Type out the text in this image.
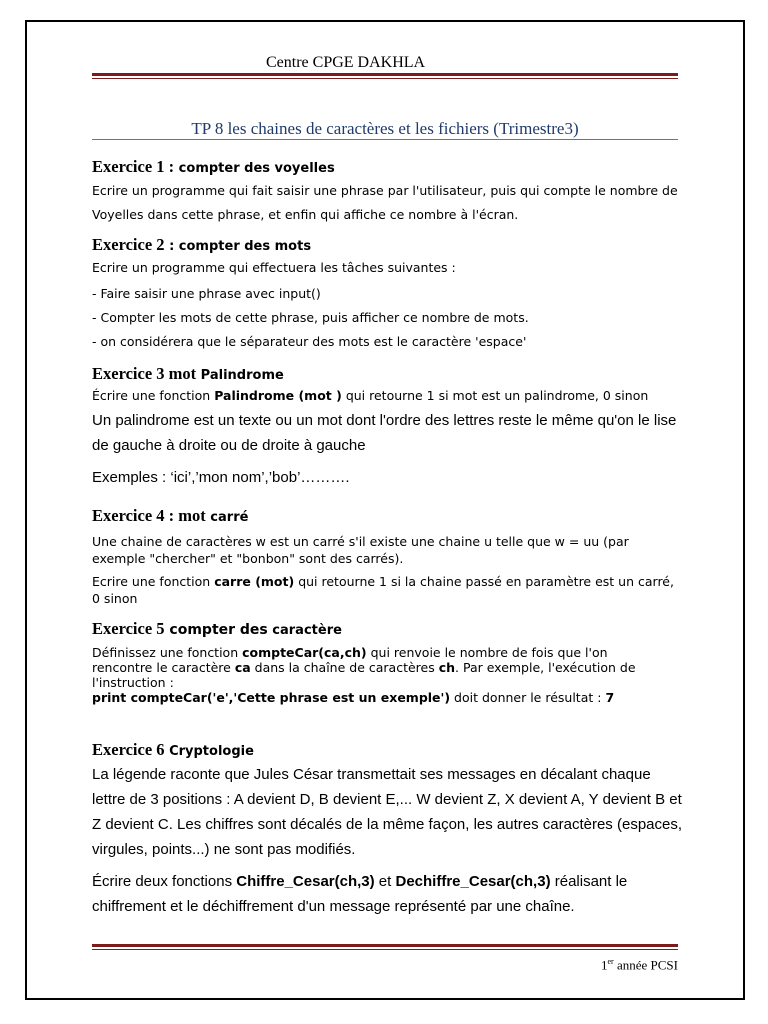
Centre CPGE DAKHLA
TP 8 les chaines de caractères et les fichiers (Trimestre3)
Exercice 1 : compter des voyelles
Ecrire un programme qui fait saisir une phrase par l'utilisateur, puis qui compte le nombre de
Voyelles dans cette phrase, et enfin qui affiche ce nombre à l'écran.
Exercice 2 : compter des mots
Ecrire un programme qui effectuera les tâches suivantes :
- Faire saisir une phrase avec input()
- Compter les mots de cette phrase, puis afficher ce nombre de mots.
- on considérera que le séparateur des mots est le caractère 'espace'
Exercice 3 mot Palindrome
Écrire une fonction Palindrome (mot ) qui retourne 1 si mot est un palindrome, 0 sinon
Un palindrome est un texte ou un mot dont l'ordre des lettres reste le même qu'on le lise de gauche à droite ou de droite à gauche
Exemples : ‘ici’,’mon nom’,’bob’……….
Exercice 4 : mot carré
Une chaine de caractères w est un carré s'il existe une chaine u telle que w = uu (par exemple "chercher" et "bonbon" sont des carrés).
Ecrire une fonction carre (mot) qui retourne 1 si la chaine passé en paramètre est un carré, 0 sinon
Exercice 5 compter des caractère
Définissez une fonction compteCar(ca,ch) qui renvoie le nombre de fois que l'on
rencontre le caractère ca dans la chaîne de caractères ch. Par exemple, l'exécution de
l'instruction :
print compteCar('e','Cette phrase est un exemple') doit donner le résultat : 7
Exercice 6 Cryptologie
La légende raconte que Jules César transmettait ses messages en décalant chaque lettre de 3 positions : A devient D, B devient E,... W devient Z, X devient A, Y devient B et Z devient C. Les chiffres sont décalés de la même façon, les autres caractères (espaces, virgules, points...) ne sont pas modifiés.
Écrire deux fonctions Chiffre_Cesar(ch,3) et Dechiffre_Cesar(ch,3) réalisant le chiffrement et le déchiffrement d'un message représenté par une chaîne.
1er année PCSI
